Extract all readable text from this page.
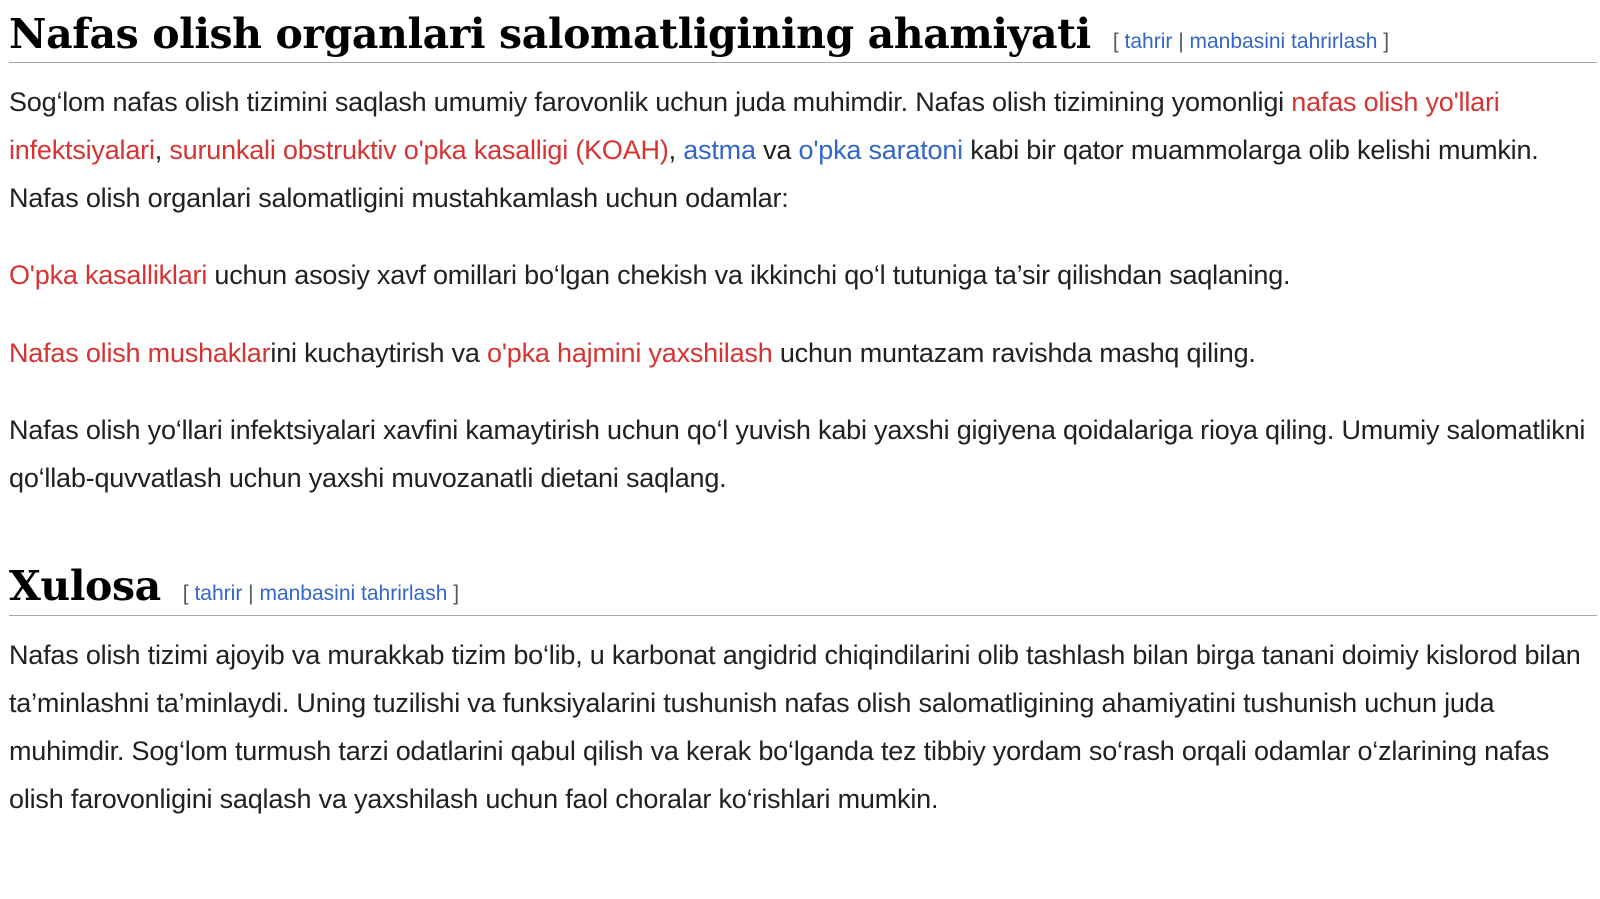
Nafas olish organlari salomatligining ahamiyati [ tahrir | manbasini tahrirlash ]

Sog‘lom nafas olish tizimini saqlash umumiy farovonlik uchun juda muhimdir. Nafas olish tizimining yomonligi nafas olish yo'llari infektsiyalari, surunkali obstruktiv o'pka kasalligi (KOAH), astma va o'pka saratoni kabi bir qator muammolarga olib kelishi mumkin. Nafas olish organlari salomatligini mustahkamlash uchun odamlar:

O'pka kasalliklari uchun asosiy xavf omillari bo‘lgan chekish va ikkinchi qo‘l tutuniga ta’sir qilishdan saqlaning.

Nafas olish mushaklarini kuchaytirish va o'pka hajmini yaxshilash uchun muntazam ravishda mashq qiling.

Nafas olish yo‘llari infektsiyalari xavfini kamaytirish uchun qo‘l yuvish kabi yaxshi gigiyena qoidalariga rioya qiling. Umumiy salomatlikni qo‘llab-quvvatlash uchun yaxshi muvozanatli dietani saqlang.

Xulosa [ tahrir | manbasini tahrirlash ]

Nafas olish tizimi ajoyib va murakkab tizim bo‘lib, u karbonat angidrid chiqindilarini olib tashlash bilan birga tanani doimiy kislorod bilan ta’minlashni ta’minlaydi. Uning tuzilishi va funksiyalarini tushunish nafas olish salomatligining ahamiyatini tushunish uchun juda muhimdir. Sog‘lom turmush tarzi odatlarini qabul qilish va kerak bo‘lganda tez tibbiy yordam so‘rash orqali odamlar o‘zlarining nafas olish farovonligini saqlash va yaxshilash uchun faol choralar ko‘rishlari mumkin.
